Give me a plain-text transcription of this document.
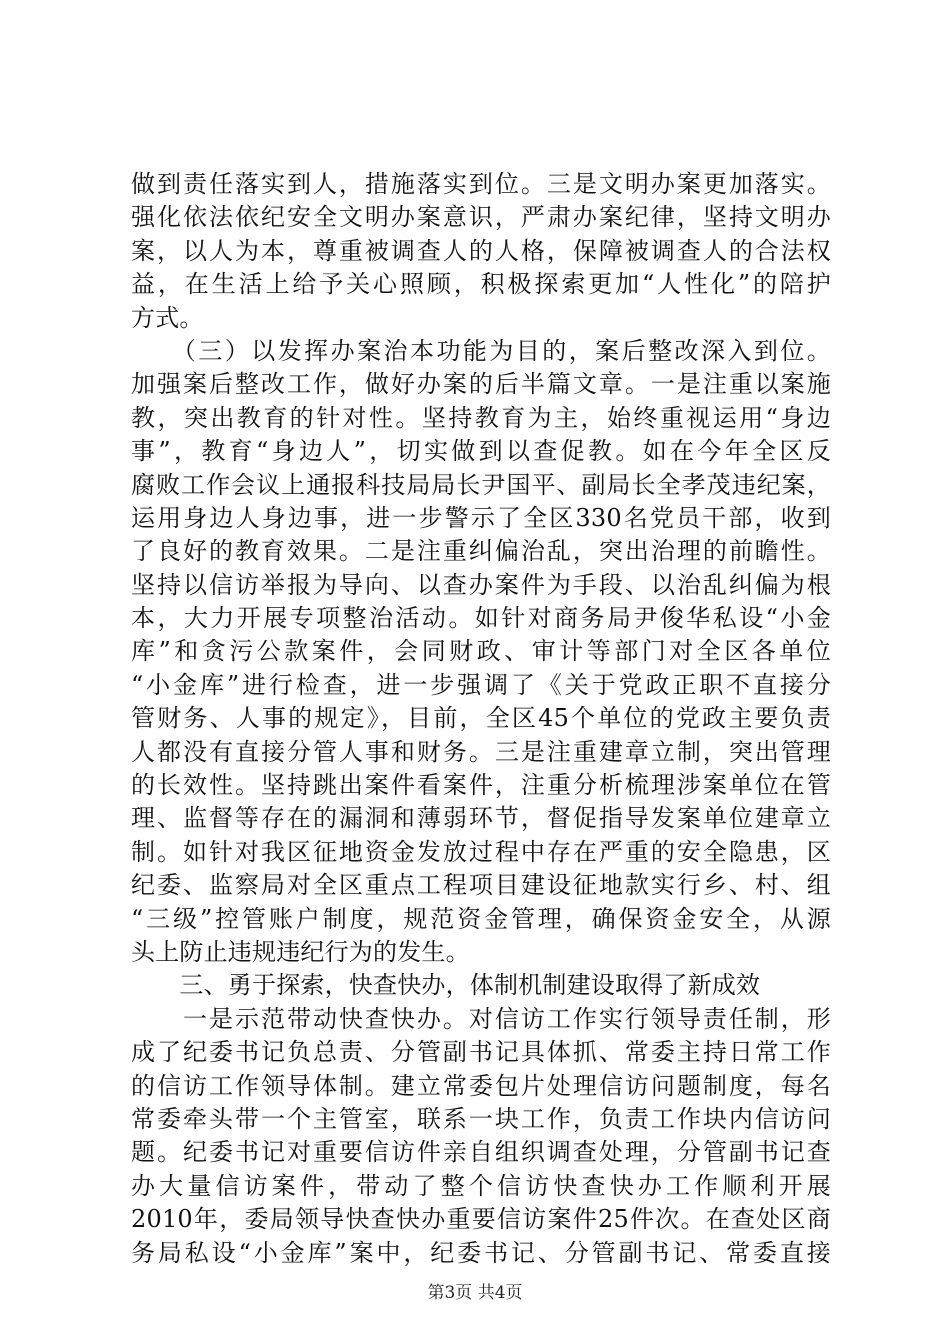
做到责任落实到人，措施落实到位。三是文明办案更加落实。
强化依法依纪安全文明办案意识，严肃办案纪律，坚持文明办
案，以人为本，尊重被调查人的人格，保障被调查人的合法权
益，在生活上给予关心照顾，积极探索更加“人性化”的陪护
方式。
　　（三）以发挥办案治本功能为目的，案后整改深入到位。
加强案后整改工作，做好办案的后半篇文章。一是注重以案施
教，突出教育的针对性。坚持教育为主，始终重视运用“身边
事”，教育“身边人”，切实做到以查促教。如在今年全区反
腐败工作会议上通报科技局局长尹国平、副局长全孝茂违纪案，
运用身边人身边事，进一步警示了全区330名党员干部，收到
了良好的教育效果。二是注重纠偏治乱，突出治理的前瞻性。
坚持以信访举报为导向、以查办案件为手段、以治乱纠偏为根
本，大力开展专项整治活动。如针对商务局尹俊华私设“小金
库”和贪污公款案件，会同财政、审计等部门对全区各单位
“小金库”进行检查，进一步强调了《关于党政正职不直接分
管财务、人事的规定》，目前，全区45个单位的党政主要负责
人都没有直接分管人事和财务。三是注重建章立制，突出管理
的长效性。坚持跳出案件看案件，注重分析梳理涉案单位在管
理、监督等存在的漏洞和薄弱环节，督促指导发案单位建章立
制。如针对我区征地资金发放过程中存在严重的安全隐患，区
纪委、监察局对全区重点工程项目建设征地款实行乡、村、组
“三级”控管账户制度，规范资金管理，确保资金安全，从源
头上防止违规违纪行为的发生。
　　三、勇于探索，快查快办，体制机制建设取得了新成效
　　一是示范带动快查快办。对信访工作实行领导责任制，形
成了纪委书记负总责、分管副书记具体抓、常委主持日常工作
的信访工作领导体制。建立常委包片处理信访问题制度，每名
常委牵头带一个主管室，联系一块工作，负责工作块内信访问
题。纪委书记对重要信访件亲自组织调查处理，分管副书记查
办大量信访案件，带动了整个信访快查快办工作顺利开展
2010年，委局领导快查快办重要信访案件25件次。在查处区商
务局私设“小金库”案中，纪委书记、分管副书记、常委直接
第3页 共4页
